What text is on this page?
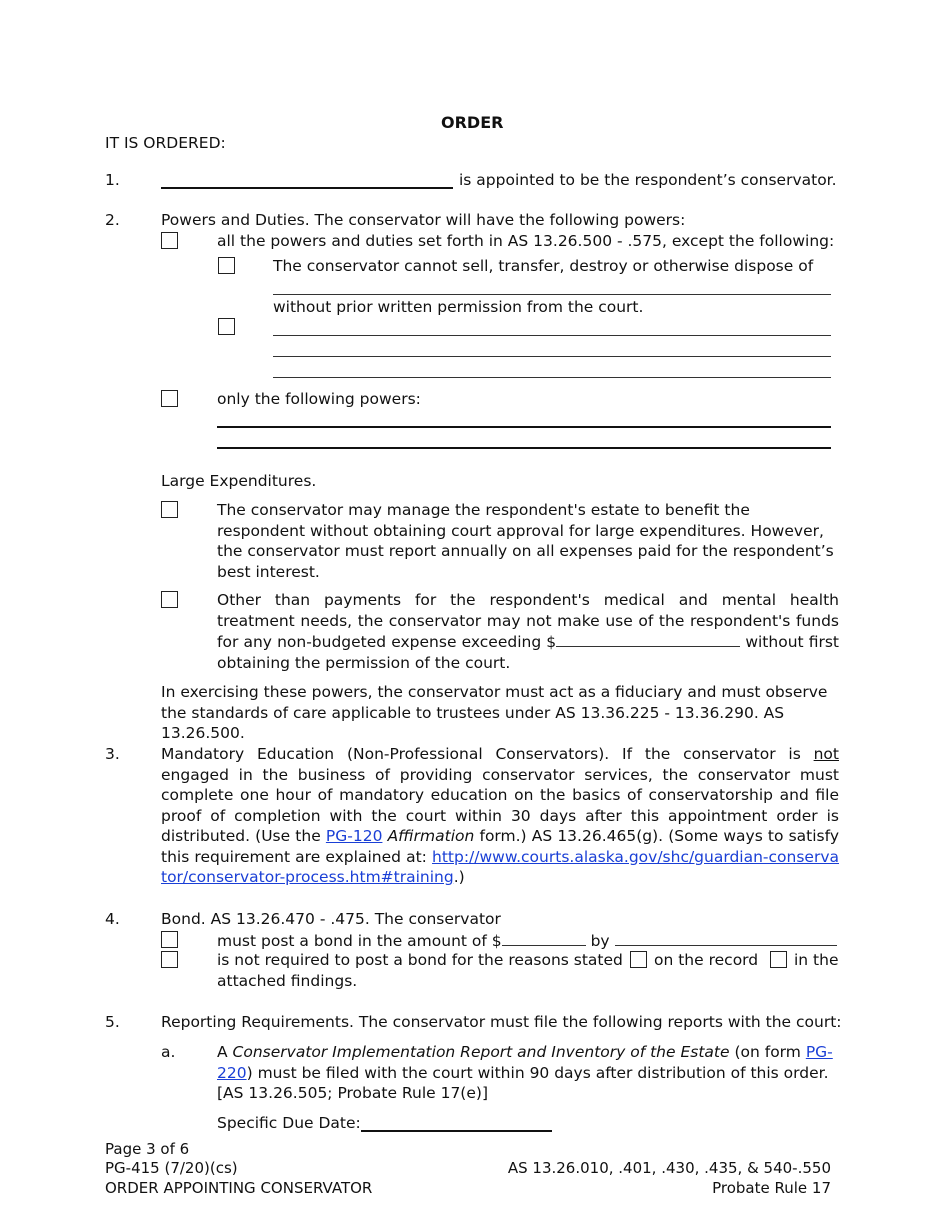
ORDER
IT IS ORDERED:
1.	is appointed to be the respondent’s conservator.
2.	Powers and Duties. The conservator will have the following powers:
all the powers and duties set forth in AS 13.26.500 - .575, except the following:
The conservator cannot sell, transfer, destroy or otherwise dispose of
without prior written permission from the court.
only the following powers:
Large Expenditures.
The conservator may manage the respondent's estate to benefit the respondent without obtaining court approval for large expenditures. However, the conservator must report annually on all expenses paid for the respondent’s best interest.
Other than payments for the respondent's medical and mental health treatment needs, the conservator may not make use of the respondent's funds for any non-budgeted expense exceeding $	without first obtaining the permission of the court.
In exercising these powers, the conservator must act as a fiduciary and must observe the standards of care applicable to trustees under AS 13.36.225 - 13.36.290. AS 13.26.500.
3.	Mandatory Education (Non-Professional Conservators). If the conservator is not engaged in the business of providing conservator services, the conservator must complete one hour of mandatory education on the basics of conservatorship and file proof of completion with the court within 30 days after this appointment order is distributed. (Use the PG-120 Affirmation form.) AS 13.26.465(g). (Some ways to satisfy this requirement are explained at: http://www.courts.alaska.gov/shc/guardian-conservator/conservator-process.htm#training.)
4.	Bond. AS 13.26.470 - .475. The conservator
must post a bond in the amount of $	by
is not required to post a bond for the reasons stated on the record in the
attached findings.
5.	Reporting Requirements. The conservator must file the following reports with the court:
a.	A Conservator Implementation Report and Inventory of the Estate (on form PG-220) must be filed with the court within 90 days after distribution of this order. [AS 13.26.505; Probate Rule 17(e)]
Specific Due Date:
Page 3 of 6
PG-415 (7/20)(cs)
ORDER APPOINTING CONSERVATOR
AS 13.26.010, .401, .430, .435, & 540-.550
Probate Rule 17
